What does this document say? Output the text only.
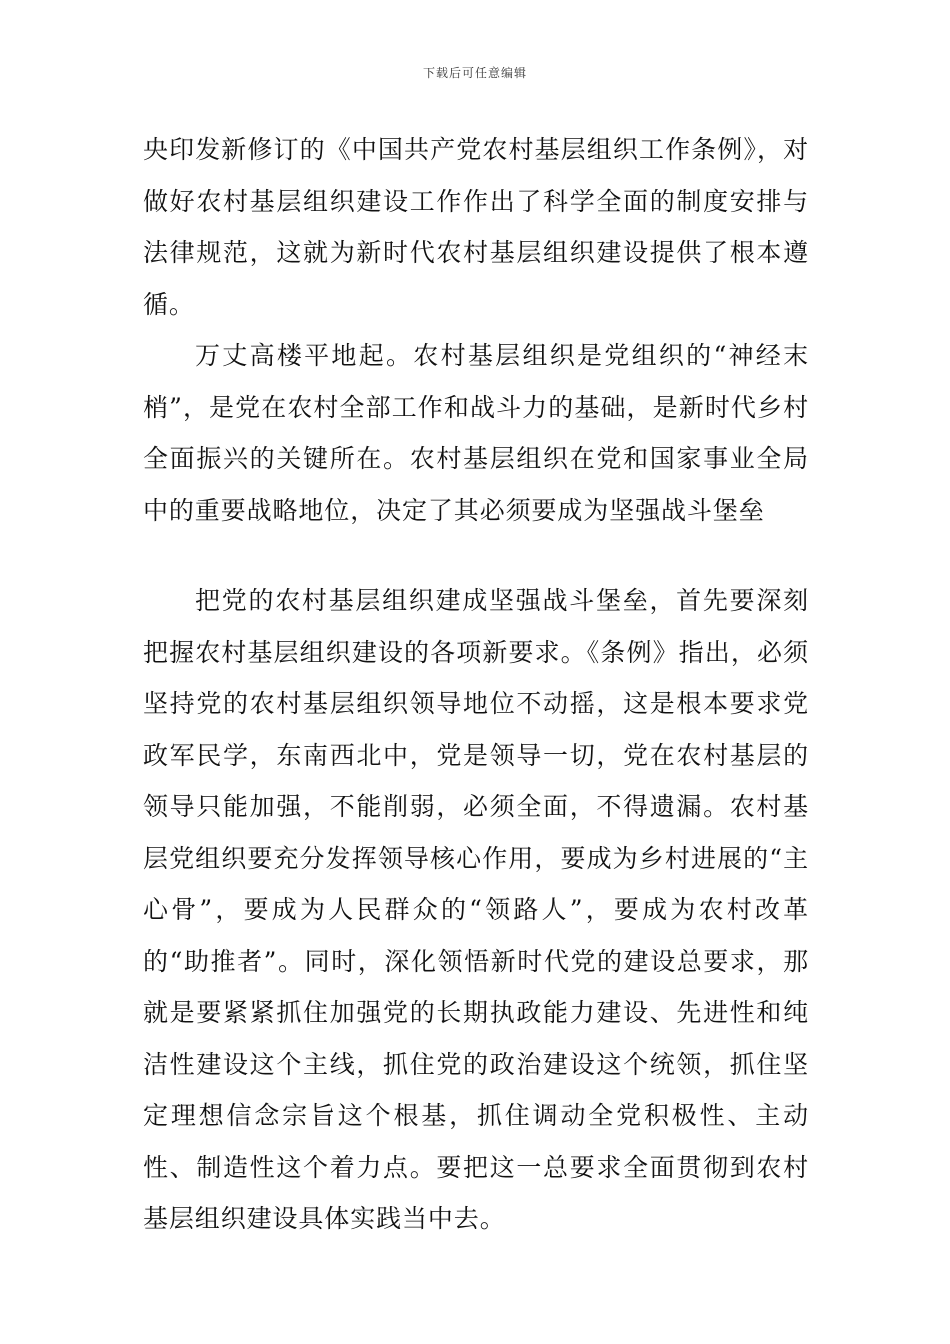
下载后可任意编辑

央印发新修订的《中国共产党农村基层组织工作条例》，对做好农村基层组织建设工作作出了科学全面的制度安排与法律规范，这就为新时代农村基层组织建设提供了根本遵循。

万丈高楼平地起。农村基层组织是党组织的“神经末梢”，是党在农村全部工作和战斗力的基础，是新时代乡村全面振兴的关键所在。农村基层组织在党和国家事业全局中的重要战略地位，决定了其必须要成为坚强战斗堡垒

把党的农村基层组织建成坚强战斗堡垒，首先要深刻把握农村基层组织建设的各项新要求。《条例》指出，必须坚持党的农村基层组织领导地位不动摇，这是根本要求党政军民学，东南西北中，党是领导一切，党在农村基层的领导只能加强，不能削弱，必须全面，不得遗漏。农村基层党组织要充分发挥领导核心作用，要成为乡村进展的“主心骨”，要成为人民群众的“领路人”，要成为农村改革的“助推者”。同时，深化领悟新时代党的建设总要求，那就是要紧紧抓住加强党的长期执政能力建设、先进性和纯洁性建设这个主线，抓住党的政治建设这个统领，抓住坚定理想信念宗旨这个根基，抓住调动全党积极性、主动性、制造性这个着力点。要把这一总要求全面贯彻到农村基层组织建设具体实践当中去。
